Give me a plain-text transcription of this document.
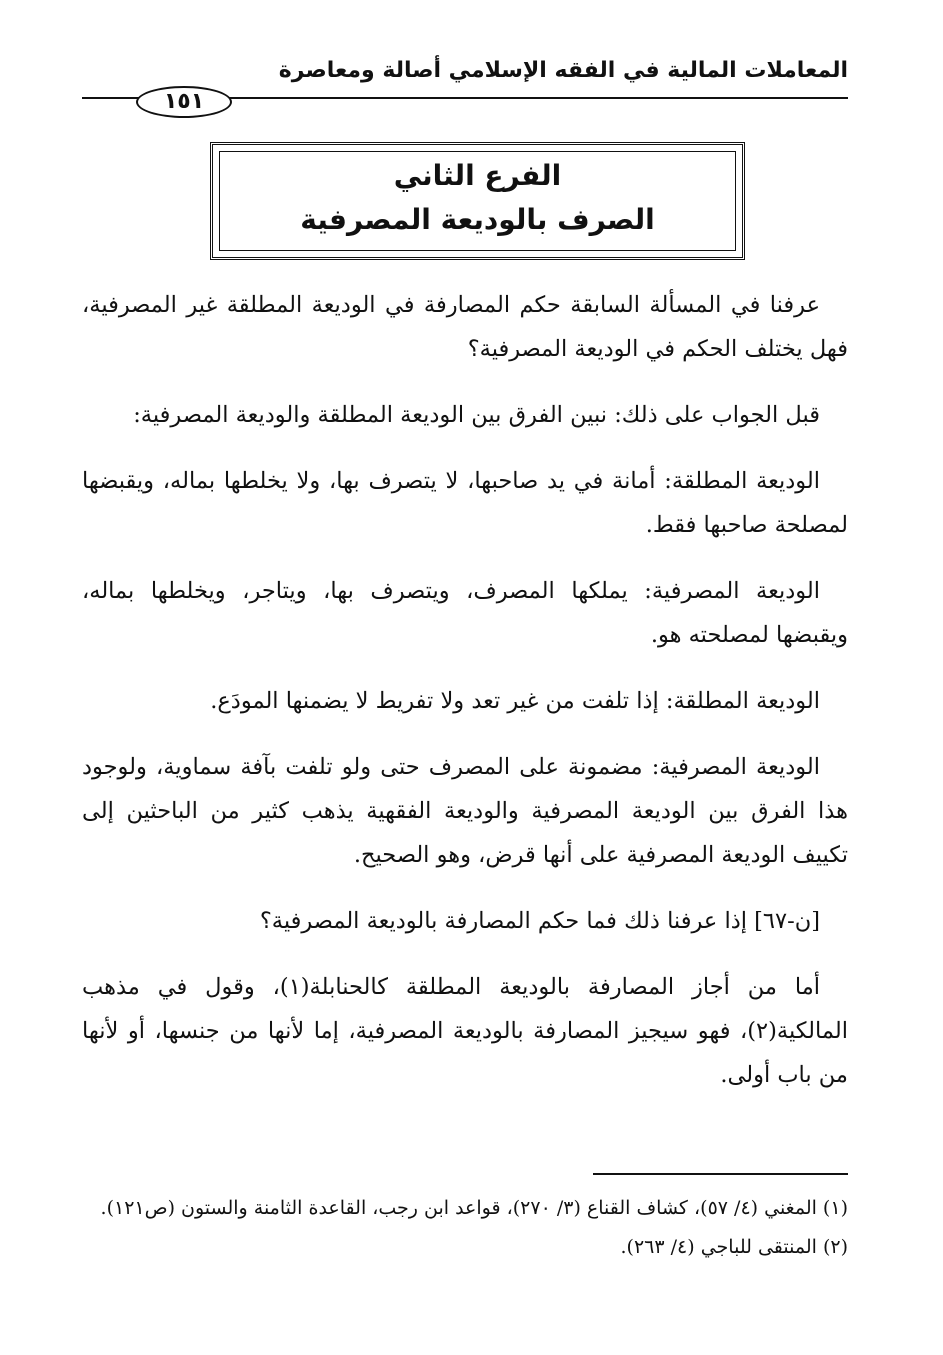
المعاملات المالية في الفقه الإسلامي أصالة ومعاصرة
١٥١
الفرع الثاني
الصرف بالوديعة المصرفية

عرفنا في المسألة السابقة حكم المصارفة في الوديعة المطلقة غير المصرفية، فهل يختلف الحكم في الوديعة المصرفية؟

قبل الجواب على ذلك: نبين الفرق بين الوديعة المطلقة والوديعة المصرفية:

الوديعة المطلقة: أمانة في يد صاحبها، لا يتصرف بها، ولا يخلطها بماله، ويقبضها لمصلحة صاحبها فقط.

الوديعة المصرفية: يملكها المصرف، ويتصرف بها، ويتاجر، ويخلطها بماله، ويقبضها لمصلحته هو.

الوديعة المطلقة: إذا تلفت من غير تعد ولا تفريط لا يضمنها المودَع.

الوديعة المصرفية: مضمونة على المصرف حتى ولو تلفت بآفة سماوية، ولوجود هذا الفرق بين الوديعة المصرفية والوديعة الفقهية يذهب كثير من الباحثين إلى تكييف الوديعة المصرفية على أنها قرض، وهو الصحيح.

[ن-٦٧] إذا عرفنا ذلك فما حكم المصارفة بالوديعة المصرفية؟

أما من أجاز المصارفة بالوديعة المطلقة كالحنابلة(١)، وقول في مذهب المالكية(٢)، فهو سيجيز المصارفة بالوديعة المصرفية، إما لأنها من جنسها، أو لأنها من باب أولى.

(١) المغني (٤/ ٥٧)، كشاف القناع (٣/ ٢٧٠)، قواعد ابن رجب، القاعدة الثامنة والستون (ص١٢١).

(٢) المنتقى للباجي (٤/ ٢٦٣).
